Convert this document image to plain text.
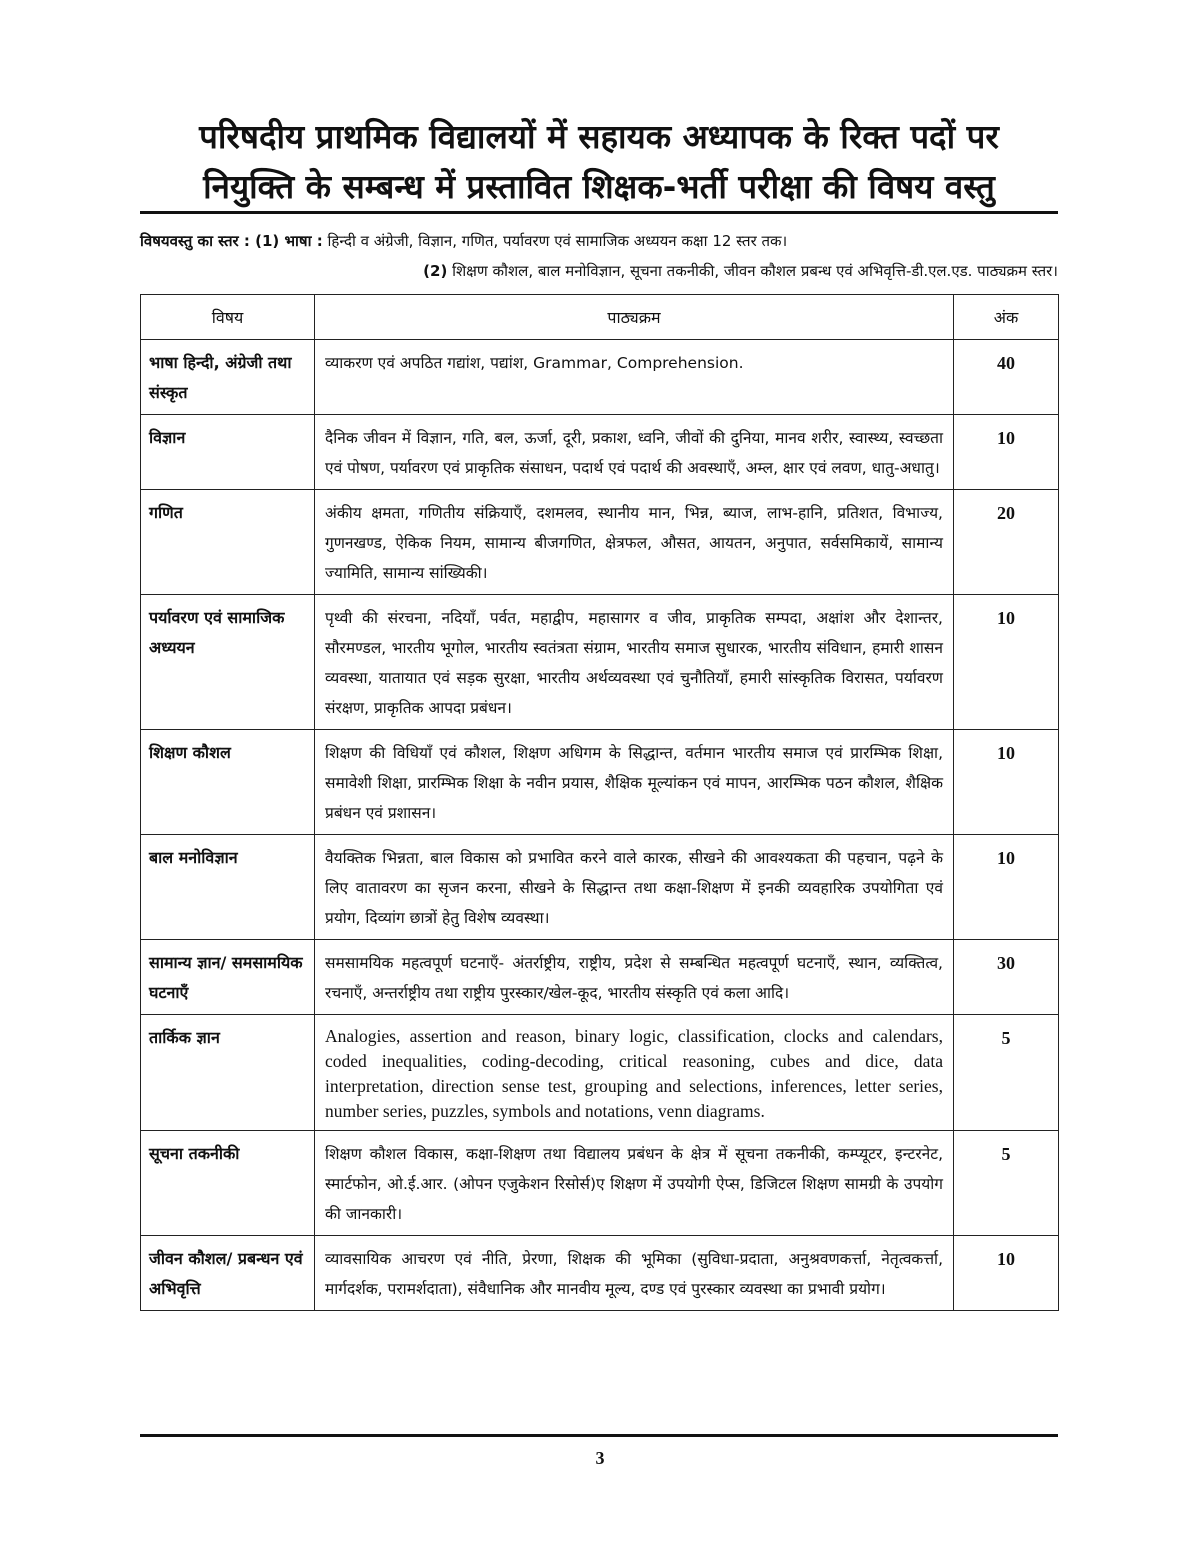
परिषदीय प्राथमिक विद्यालयों में सहायक अध्यापक के रिक्त पदों पर
नियुक्ति के सम्बन्ध में प्रस्तावित शिक्षक-भर्ती परीक्षा की विषय वस्तु
विषयवस्तु का स्तर : (1) भाषा : हिन्दी व अंग्रेजी, विज्ञान, गणित, पर्यावरण एवं सामाजिक अध्ययन कक्षा 12 स्तर तक।
(2) शिक्षण कौशल, बाल मनोविज्ञान, सूचना तकनीकी, जीवन कौशल प्रबन्ध एवं अभिवृत्ति-डी.एल.एड. पाठ्यक्रम स्तर।
विषय	पाठ्यक्रम	अंक
भाषा हिन्दी, अंग्रेजी तथा संस्कृत	व्याकरण एवं अपठित गद्यांश, पद्यांश, Grammar, Comprehension.	40
विज्ञान	दैनिक जीवन में विज्ञान, गति, बल, ऊर्जा, दूरी, प्रकाश, ध्वनि, जीवों की दुनिया, मानव शरीर, स्वास्थ्य, स्वच्छता एवं पोषण, पर्यावरण एवं प्राकृतिक संसाधन, पदार्थ एवं पदार्थ की अवस्थाएँ, अम्ल, क्षार एवं लवण, धातु-अधातु।	10
गणित	अंकीय क्षमता, गणितीय संक्रियाएँ, दशमलव, स्थानीय मान, भिन्न, ब्याज, लाभ-हानि, प्रतिशत, विभाज्य, गुणनखण्ड, ऐकिक नियम, सामान्य बीजगणित, क्षेत्रफल, औसत, आयतन, अनुपात, सर्वसमिकायें, सामान्य ज्यामिति, सामान्य सांख्यिकी।	20
पर्यावरण एवं सामाजिक अध्ययन	पृथ्वी की संरचना, नदियाँ, पर्वत, महाद्वीप, महासागर व जीव, प्राकृतिक सम्पदा, अक्षांश और देशान्तर, सौरमण्डल, भारतीय भूगोल, भारतीय स्वतंत्रता संग्राम, भारतीय समाज सुधारक, भारतीय संविधान, हमारी शासन व्यवस्था, यातायात एवं सड़क सुरक्षा, भारतीय अर्थव्यवस्था एवं चुनौतियाँ, हमारी सांस्कृतिक विरासत, पर्यावरण संरक्षण, प्राकृतिक आपदा प्रबंधन।	10
शिक्षण कौशल	शिक्षण की विधियाँ एवं कौशल, शिक्षण अधिगम के सिद्धान्त, वर्तमान भारतीय समाज एवं प्रारम्भिक शिक्षा, समावेशी शिक्षा, प्रारम्भिक शिक्षा के नवीन प्रयास, शैक्षिक मूल्यांकन एवं मापन, आरम्भिक पठन कौशल, शैक्षिक प्रबंधन एवं प्रशासन।	10
बाल मनोविज्ञान	वैयक्तिक भिन्नता, बाल विकास को प्रभावित करने वाले कारक, सीखने की आवश्यकता की पहचान, पढ़ने के लिए वातावरण का सृजन करना, सीखने के सिद्धान्त तथा कक्षा-शिक्षण में इनकी व्यवहारिक उपयोगिता एवं प्रयोग, दिव्यांग छात्रों हेतु विशेष व्यवस्था।	10
सामान्य ज्ञान/ समसामयिक घटनाएँ	समसामयिक महत्वपूर्ण घटनाएँ- अंतर्राष्ट्रीय, राष्ट्रीय, प्रदेश से सम्बन्धित महत्वपूर्ण घटनाएँ, स्थान, व्यक्तित्व, रचनाएँ, अन्तर्राष्ट्रीय तथा राष्ट्रीय पुरस्कार/खेल-कूद, भारतीय संस्कृति एवं कला आदि।	30
तार्किक ज्ञान	Analogies, assertion and reason, binary logic, classification, clocks and calendars, coded inequalities, coding-decoding, critical reasoning, cubes and dice, data interpretation, direction sense test, grouping and selections, inferences, letter series, number series, puzzles, symbols and notations, venn diagrams.	5
सूचना तकनीकी	शिक्षण कौशल विकास, कक्षा-शिक्षण तथा विद्यालय प्रबंधन के क्षेत्र में सूचना तकनीकी, कम्प्यूटर, इन्टरनेट, स्मार्टफोन, ओ.ई.आर. (ओपन एजुकेशन रिसोर्स)ए शिक्षण में उपयोगी ऐप्स, डिजिटल शिक्षण सामग्री के उपयोग की जानकारी।	5
जीवन कौशल/ प्रबन्धन एवं अभिवृत्ति	व्यावसायिक आचरण एवं नीति, प्रेरणा, शिक्षक की भूमिका (सुविधा-प्रदाता, अनुश्रवणकर्त्ता, नेतृत्वकर्त्ता, मार्गदर्शक, परामर्शदाता), संवैधानिक और मानवीय मूल्य, दण्ड एवं पुरस्कार व्यवस्था का प्रभावी प्रयोग।	10
3
